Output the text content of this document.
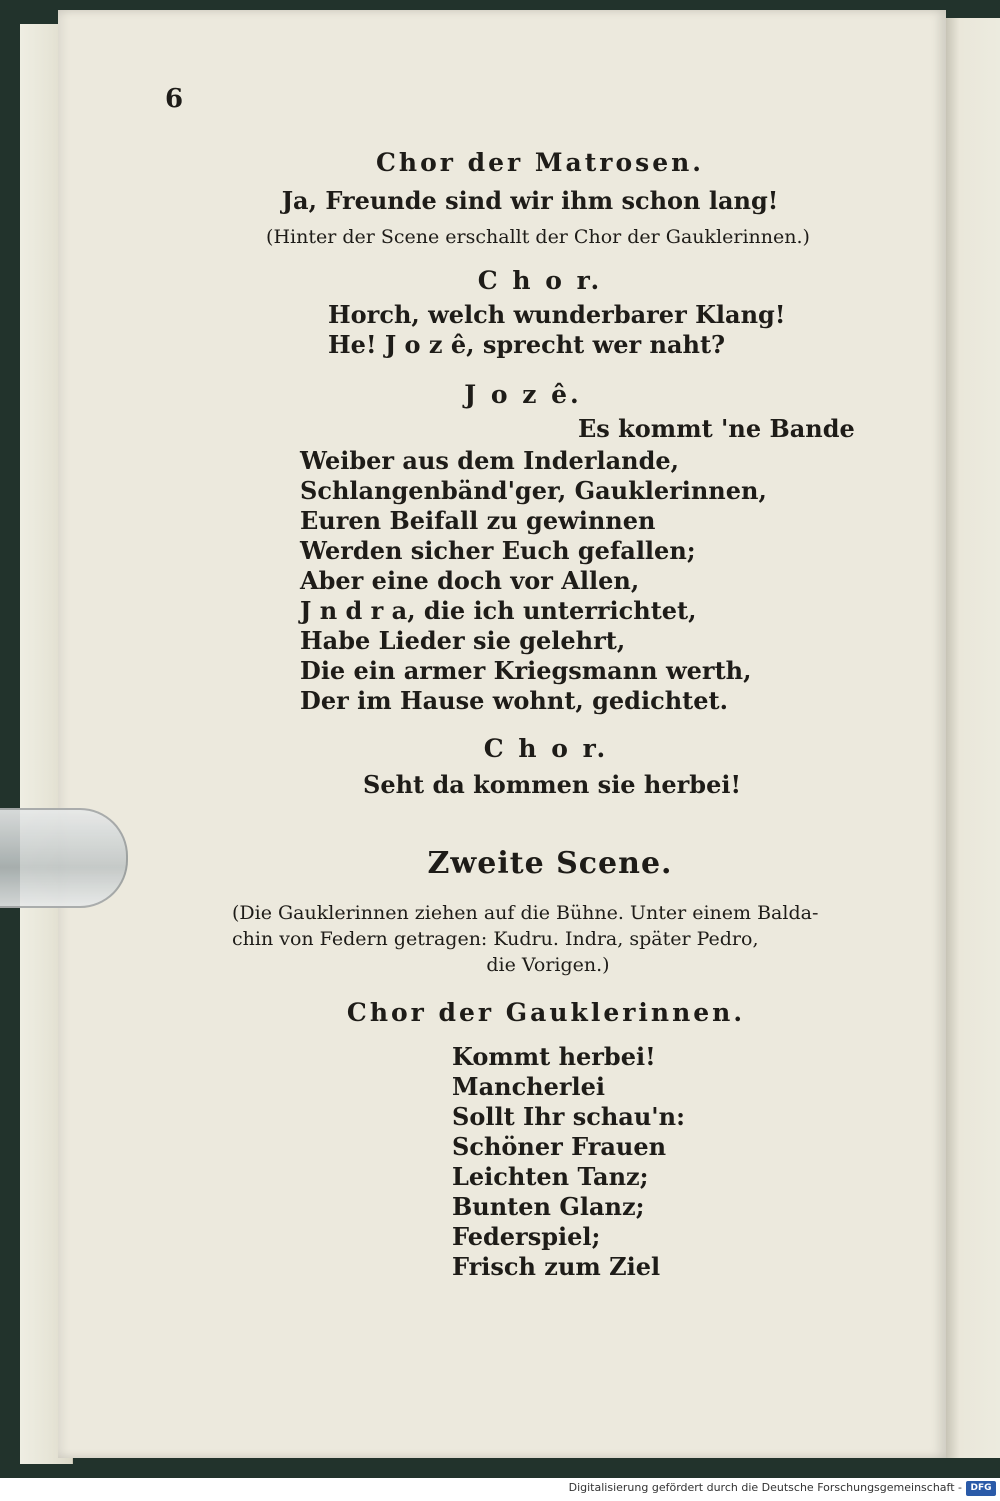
6
Chor der Matrosen.
Ja, Freunde sind wir ihm schon lang!
(Hinter der Scene erschallt der Chor der Gauklerinnen.)
C h o r.
Horch, welch wunderbarer Klang!
He! J o z ê, sprecht wer naht?
J o z ê.
Es kommt 'ne Bande
Weiber aus dem Inderlande,
Schlangenbänd'ger, Gauklerinnen,
Euren Beifall zu gewinnen
Werden sicher Euch gefallen;
Aber eine doch vor Allen,
J n d r a, die ich unterrichtet,
Habe Lieder sie gelehrt,
Die ein armer Kriegsmann werth,
Der im Hause wohnt, gedichtet.
C h o r.
Seht da kommen sie herbei!
Zweite Scene.
(Die Gauklerinnen ziehen auf die Bühne. Unter einem Balda-
chin von Federn getragen: Kudru. Indra, später Pedro,
die Vorigen.)
Chor der Gauklerinnen.
Kommt herbei!
Mancherlei
Sollt Ihr schau'n:
Schöner Frauen
Leichten Tanz;
Bunten Glanz;
Federspiel;
Frisch zum Ziel
Digitalisierung gefördert durch die Deutsche Forschungsgemeinschaft - DFG
